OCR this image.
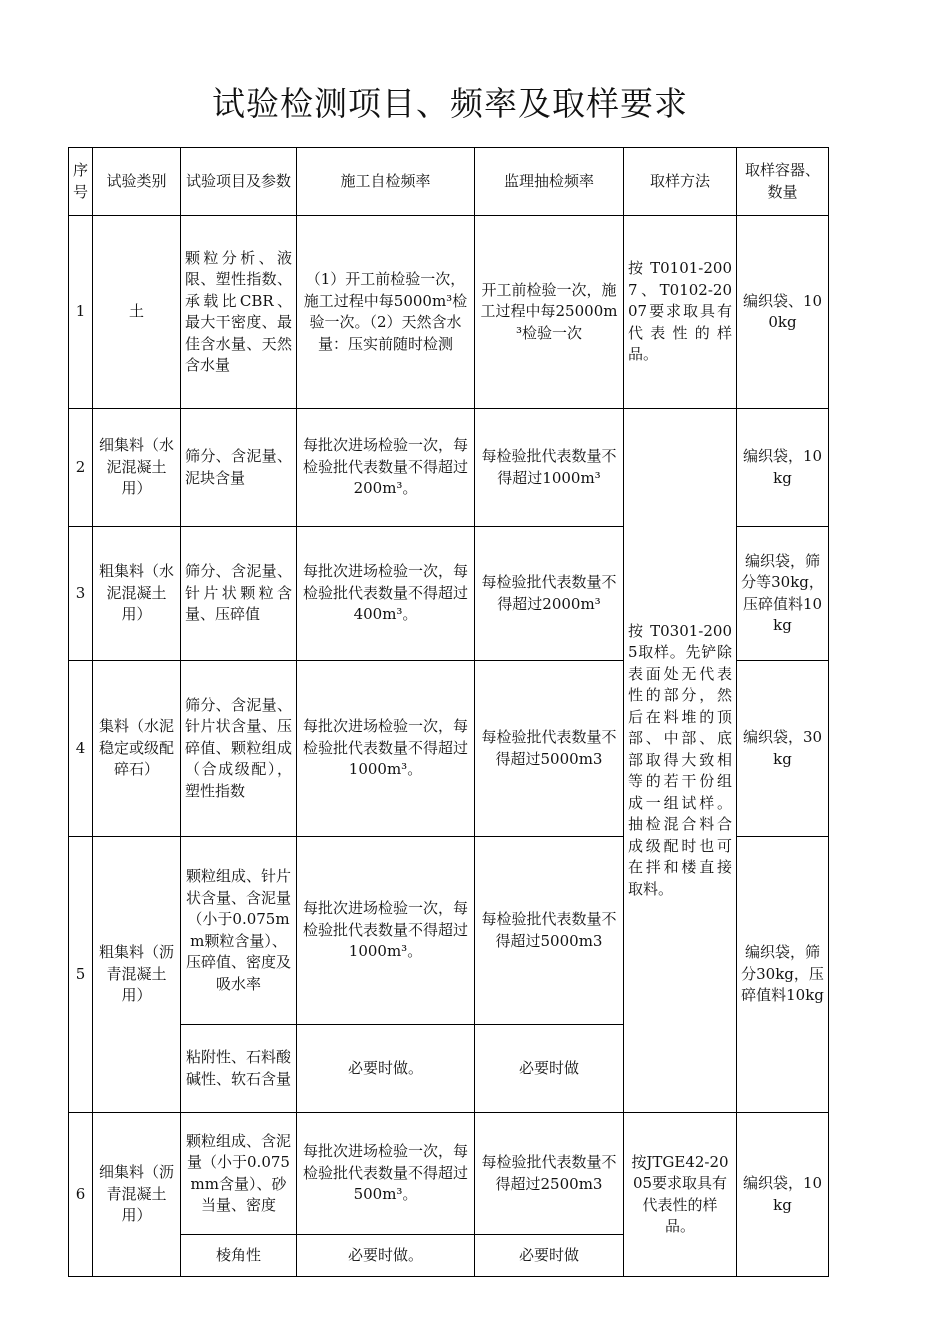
试验检测项目、频率及取样要求
序号	试验类别	试验项目及参数	施工自检频率	监理抽检频率	取样方法	取样容器、数量
1	土	颗粒分析、液限、塑性指数、承载比CBR、最大干密度、最佳含水量、天然含水量	（1）开工前检验一次，施工过程中每5000m³检验一次。（2）天然含水量：压实前随时检测	开工前检验一次，施工过程中每25000m³检验一次	按T0101-2007、T0102-2007要求取具有代表性的样品。	编织袋、100kg
2	细集料（水泥混凝土用）	筛分、含泥量、泥块含量	每批次进场检验一次，每检验批代表数量不得超过200m³。	每检验批代表数量不得超过1000m³	按T0301-2005取样。先铲除表面处无代表性的部分，然后在料堆的顶部、中部、底部取得大致相等的若干份组成一组试样。抽检混合料合成级配时也可在拌和楼直接取料。	编织袋，10kg
3	粗集料（水泥混凝土用）	筛分、含泥量、针片状颗粒含量、压碎值	每批次进场检验一次，每检验批代表数量不得超过400m³。	每检验批代表数量不得超过2000m³		编织袋，筛分等30kg，压碎值料10kg
4	集料（水泥稳定或级配碎石）	筛分、含泥量、针片状含量、压碎值、颗粒组成（合成级配），塑性指数	每批次进场检验一次，每检验批代表数量不得超过1000m³。	每检验批代表数量不得超过5000m3		编织袋，30kg
5	粗集料（沥青混凝土用）	颗粒组成、针片状含量、含泥量（小于0.075mm颗粒含量）、压碎值、密度及吸水率	每批次进场检验一次，每检验批代表数量不得超过1000m³。	每检验批代表数量不得超过5000m3		编织袋，筛分30kg，压碎值料10kg
		粘附性、石料酸碱性、软石含量	必要时做。	必要时做		
6	细集料（沥青混凝土用）	颗粒组成、含泥量（小于0.075mm含量）、砂当量、密度	每批次进场检验一次，每检验批代表数量不得超过500m³。	每检验批代表数量不得超过2500m3	按JTGE42-2005要求取具有代表性的样品。	编织袋，10kg
		棱角性	必要时做。	必要时做		
